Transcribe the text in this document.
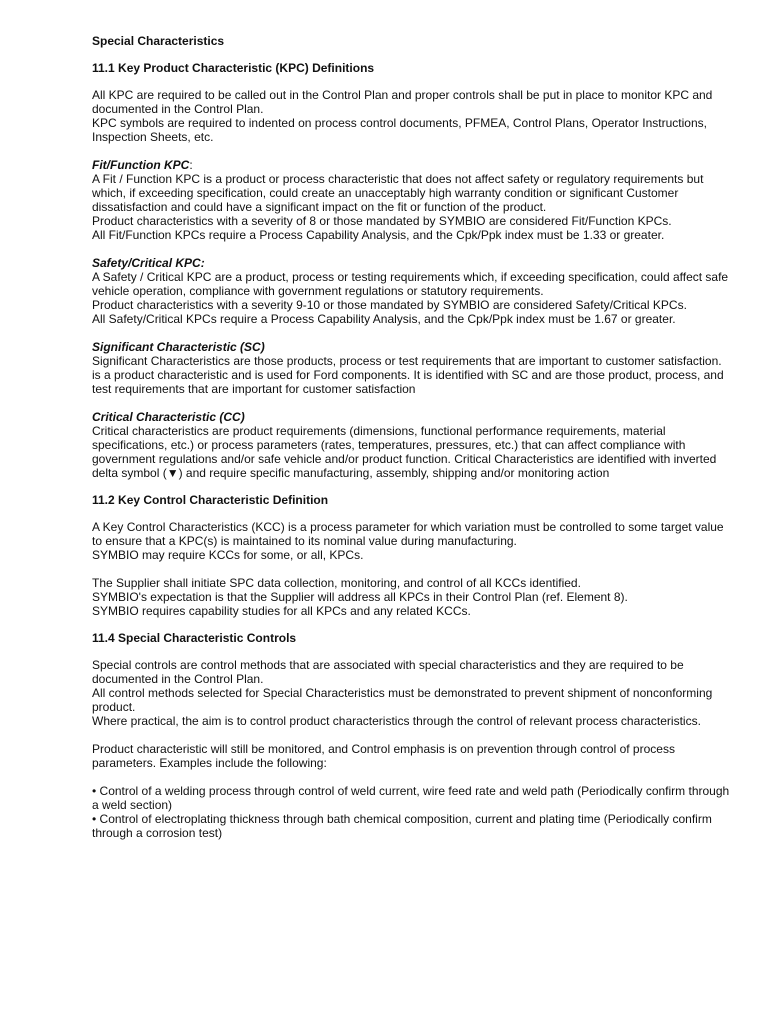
Special Characteristics

11.1 Key Product Characteristic (KPC) Definitions

All KPC are required to be called out in the Control Plan and proper controls shall be put in place to monitor KPC and documented in the Control Plan.

KPC symbols are required to indented on process control documents, PFMEA, Control Plans, Operator Instructions, Inspection Sheets, etc.

Fit/Function KPC:

A Fit / Function KPC is a product or process characteristic that does not affect safety or regulatory requirements but which, if exceeding specification, could create an unacceptably high warranty condition or significant Customer dissatisfaction and could have a significant impact on the fit or function of the product.

Product characteristics with a severity of 8 or those mandated by SYMBIO are considered Fit/Function KPCs.

All Fit/Function KPCs require a Process Capability Analysis, and the Cpk/Ppk index must be 1.33 or greater.

Safety/Critical KPC:

A Safety / Critical KPC are a product, process or testing requirements which, if exceeding specification, could affect safe vehicle operation, compliance with government regulations or statutory requirements.

Product characteristics with a severity 9-10 or those mandated by SYMBIO are considered Safety/Critical KPCs.

All Safety/Critical KPCs require a Process Capability Analysis, and the Cpk/Ppk index must be 1.67 or greater.

Significant Characteristic (SC)

Significant Characteristics are those products, process or test requirements that are important to customer satisfaction.

is a product characteristic and is used for Ford components. It is identified with SC and are those product, process, and test requirements that are important for customer satisfaction

Critical Characteristic (CC)

Critical characteristics are product requirements (dimensions, functional performance requirements, material specifications, etc.) or process parameters (rates, temperatures, pressures, etc.) that can affect compliance with government regulations and/or safe vehicle and/or product function. Critical Characteristics are identified with inverted delta symbol (▼) and require specific manufacturing, assembly, shipping and/or monitoring action

11.2 Key Control Characteristic Definition

A Key Control Characteristics (KCC) is a process parameter for which variation must be controlled to some target value to ensure that a KPC(s) is maintained to its nominal value during manufacturing.

SYMBIO may require KCCs for some, or all, KPCs.

The Supplier shall initiate SPC data collection, monitoring, and control of all KCCs identified.

SYMBIO's expectation is that the Supplier will address all KPCs in their Control Plan (ref. Element 8).

SYMBIO requires capability studies for all KPCs and any related KCCs.

11.4 Special Characteristic Controls

Special controls are control methods that are associated with special characteristics and they are required to be documented in the Control Plan.

All control methods selected for Special Characteristics must be demonstrated to prevent shipment of nonconforming product.

Where practical, the aim is to control product characteristics through the control of relevant process characteristics.

Product characteristic will still be monitored, and Control emphasis is on prevention through control of process parameters. Examples include the following:

• Control of a welding process through control of weld current, wire feed rate and weld path (Periodically confirm through a weld section)

• Control of electroplating thickness through bath chemical composition, current and plating time (Periodically confirm through a corrosion test)
